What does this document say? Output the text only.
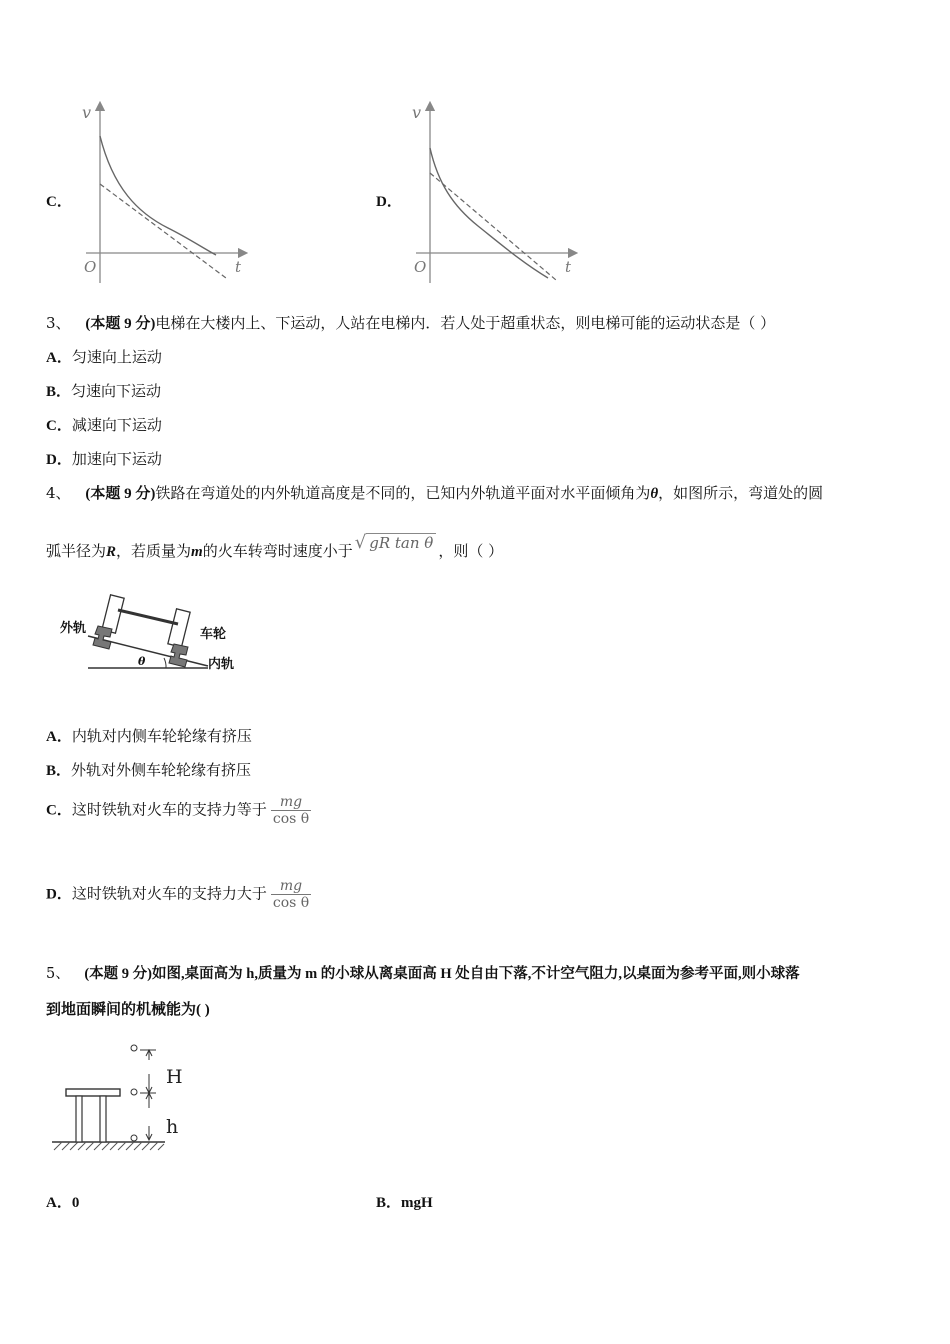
C．
v
t
O
D．
v
t
O
3、 (本题 9 分)电梯在大楼内上、下运动，人站在电梯内．若人处于超重状态，则电梯可能的运动状态是（ ）
A．匀速向上运动
B．匀速向下运动
C．减速向下运动
D．加速向下运动
4、 (本题 9 分)铁路在弯道处的内外轨道高度是不同的，已知内外轨道平面对水平面倾角为θ，如图所示，弯道处的圆
弧半径为R，若质量为m的火车转弯时速度小于 √ gR tan θ ，则（ ）
θ
外轨	车轮
内轨
A．内轨对内侧车轮轮缘有挤压
B．外轨对外侧车轮轮缘有挤压
C．这时铁轨对火车的支持力等于 $\frac{mg}{\text{cos θ}}$
D．这时铁轨对火车的支持力大于 $\frac{mg}{\text{cos θ}}$
5、 (本题 9 分)如图,桌面高为 h,质量为 m 的小球从离桌面高 H 处自由下落,不计空气阻力,以桌面为参考平面,则小球落
到地面瞬间的机械能为( )
H
h
A．0	B．mgH
